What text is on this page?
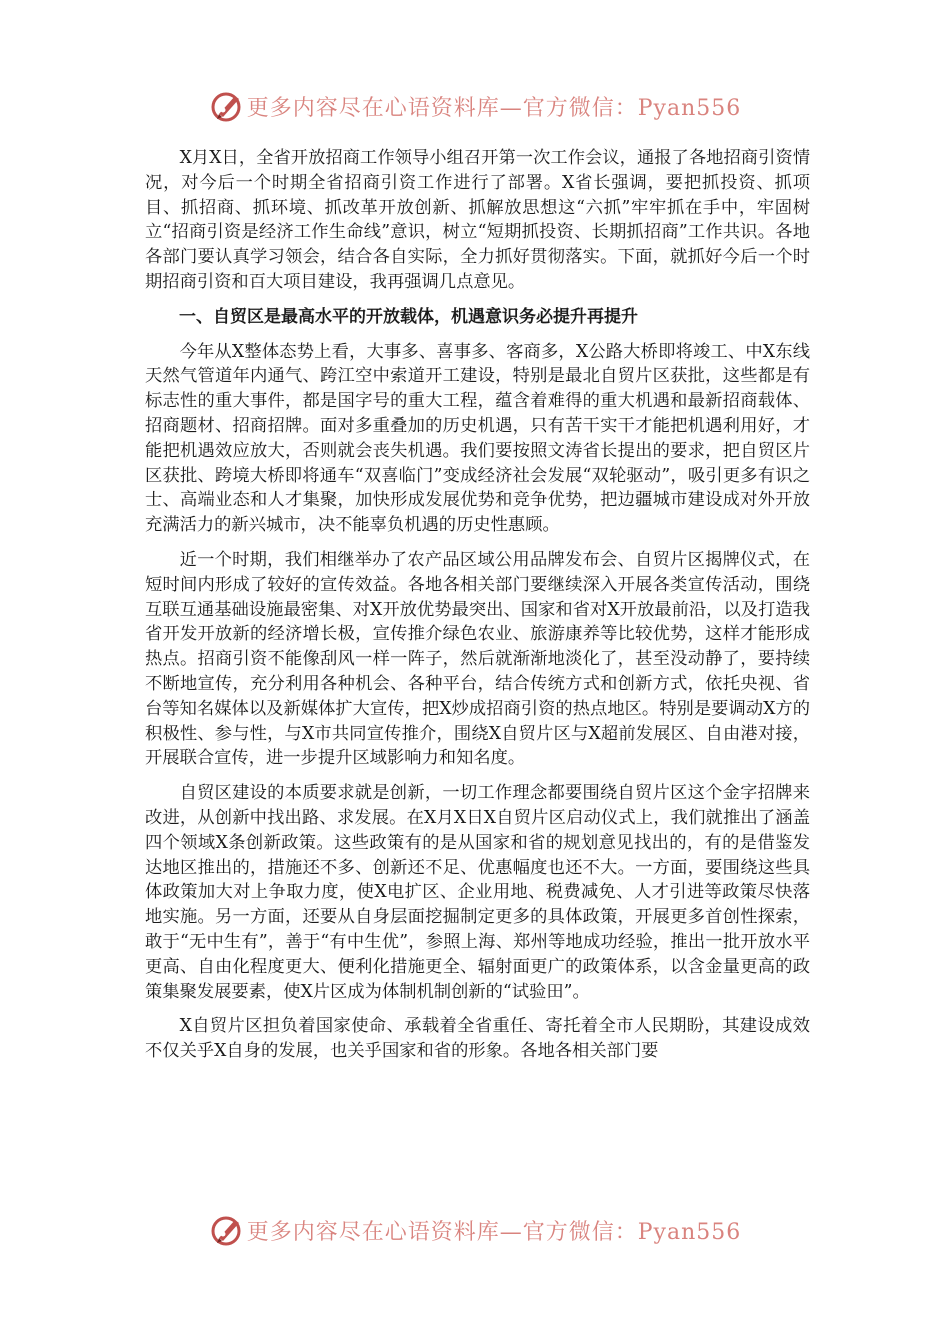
更多内容尽在心语资料库—官方微信：Pyan556

X月X日，全省开放招商工作领导小组召开第一次工作会议，通报了各地招商引资情况，对今后一个时期全省招商引资工作进行了部署。X省长强调，要把抓投资、抓项目、抓招商、抓环境、抓改革开放创新、抓解放思想这“六抓”牢牢抓在手中，牢固树立“招商引资是经济工作生命线”意识，树立“短期抓投资、长期抓招商”工作共识。各地各部门要认真学习领会，结合各自实际，全力抓好贯彻落实。下面，就抓好今后一个时期招商引资和百大项目建设，我再强调几点意见。

一、自贸区是最高水平的开放载体，机遇意识务必提升再提升

今年从X整体态势上看，大事多、喜事多、客商多，X公路大桥即将竣工、中X东线天然气管道年内通气、跨江空中索道开工建设，特别是最北自贸片区获批，这些都是有标志性的重大事件，都是国字号的重大工程，蕴含着难得的重大机遇和最新招商载体、招商题材、招商招牌。面对多重叠加的历史机遇，只有苦干实干才能把机遇利用好，才能把机遇效应放大，否则就会丧失机遇。我们要按照文涛省长提出的要求，把自贸区片区获批、跨境大桥即将通车“双喜临门”变成经济社会发展“双轮驱动”，吸引更多有识之士、高端业态和人才集聚，加快形成发展优势和竞争优势，把边疆城市建设成对外开放充满活力的新兴城市，决不能辜负机遇的历史性惠顾。

近一个时期，我们相继举办了农产品区域公用品牌发布会、自贸片区揭牌仪式，在短时间内形成了较好的宣传效益。各地各相关部门要继续深入开展各类宣传活动，围绕互联互通基础设施最密集、对X开放优势最突出、国家和省对X开放最前沿，以及打造我省开发开放新的经济增长极，宣传推介绿色农业、旅游康养等比较优势，这样才能形成热点。招商引资不能像刮风一样一阵子，然后就渐渐地淡化了，甚至没动静了，要持续不断地宣传，充分利用各种机会、各种平台，结合传统方式和创新方式，依托央视、省台等知名媒体以及新媒体扩大宣传，把X炒成招商引资的热点地区。特别是要调动X方的积极性、参与性，与X市共同宣传推介，围绕X自贸片区与X超前发展区、自由港对接，开展联合宣传，进一步提升区域影响力和知名度。

自贸区建设的本质要求就是创新，一切工作理念都要围绕自贸片区这个金字招牌来改进，从创新中找出路、求发展。在X月X日X自贸片区启动仪式上，我们就推出了涵盖四个领域X条创新政策。这些政策有的是从国家和省的规划意见找出的，有的是借鉴发达地区推出的，措施还不多、创新还不足、优惠幅度也还不大。一方面，要围绕这些具体政策加大对上争取力度，使X电扩区、企业用地、税费减免、人才引进等政策尽快落地实施。另一方面，还要从自身层面挖掘制定更多的具体政策，开展更多首创性探索，敢于“无中生有”，善于“有中生优”，参照上海、郑州等地成功经验，推出一批开放水平更高、自由化程度更大、便利化措施更全、辐射面更广的政策体系，以含金量更高的政策集聚发展要素，使X片区成为体制机制创新的“试验田”。

X自贸片区担负着国家使命、承载着全省重任、寄托着全市人民期盼，其建设成效不仅关乎X自身的发展，也关乎国家和省的形象。各地各相关部门要

更多内容尽在心语资料库—官方微信：Pyan556
